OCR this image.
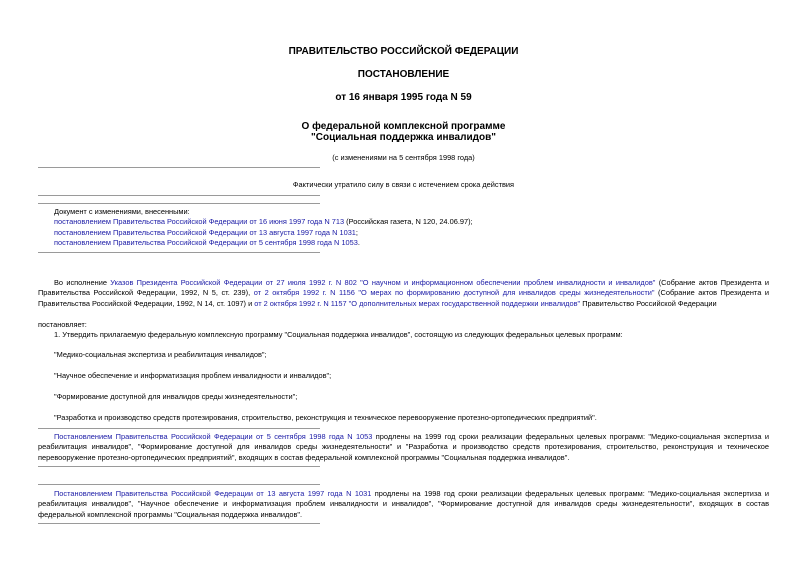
ПРАВИТЕЛЬСТВО РОССИЙСКОЙ ФЕДЕРАЦИИ
ПОСТАНОВЛЕНИЕ
от 16 января 1995 года N 59
О федеральной комплексной программе
"Социальная поддержка инвалидов"
(с изменениями на 5 сентября 1998 года)
Фактически утратило силу в связи с истечением срока действия

Документ с изменениями, внесенными:

постановлением Правительства Российской Федерации от 16 июня 1997 года N 713 (Российская газета, N 120, 24.06.97);

постановлением Правительства Российской Федерации от 13 августа 1997 года N 1031;

постановлением Правительства Российской Федерации от 5 сентября 1998 года N 1053.

Во исполнение Указов Президента Российской Федерации от 27 июля 1992 г. N 802 "О научном и информационном обеспечении проблем инвалидности и инвалидов" (Собрание актов Президента и Правительства Российской Федерации, 1992, N 5, ст. 239), от 2 октября 1992 г. N 1156 "О мерах по формированию доступной для инвалидов среды жизнедеятельности" (Собрание актов Президента и Правительства Российской Федерации, 1992, N 14, ст. 1097) и от 2 октября 1992 г. N 1157 "О дополнительных мерах государственной поддержки инвалидов" Правительство Российской Федерации
постановляет:
1. Утвердить прилагаемую федеральную комплексную программу "Социальная поддержка инвалидов", состоящую из следующих федеральных целевых программ:
"Медико-социальная экспертиза и реабилитация инвалидов";
"Научное обеспечение и информатизация проблем инвалидности и инвалидов";
"Формирование доступной для инвалидов среды жизнедеятельности";
"Разработка и производство средств протезирования, строительство, реконструкция и техническое перевооружение протезно-ортопедических предприятий".
Постановлением Правительства Российской Федерации от 5 сентября 1998 года N 1053 продлены на 1999 год сроки реализации федеральных целевых программ: "Медико-социальная экспертиза и реабилитация инвалидов", "Формирование доступной для инвалидов среды жизнедеятельности" и "Разработка и производство средств протезирования, строительство, реконструкция и техническое перевооружение протезно-ортопедических предприятий", входящих в состав федеральной комплексной программы "Социальная поддержка инвалидов".
Постановлением Правительства Российской Федерации от 13 августа 1997 года N 1031 продлены на 1998 год сроки реализации федеральных целевых программ: "Медико-социальная экспертиза и реабилитация инвалидов", "Научное обеспечение и информатизация проблем инвалидности и инвалидов", "Формирование доступной для инвалидов среды жизнедеятельности", входящих в состав федеральной комплексной программы "Социальная поддержка инвалидов".
